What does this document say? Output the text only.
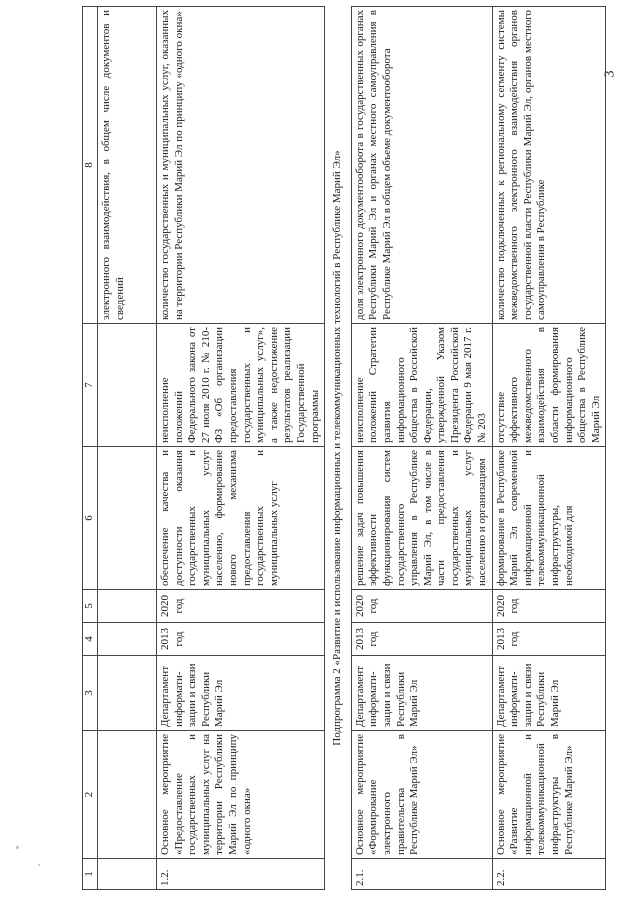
3
1	2	3	4	5	6	7	8
							электронного взаимодействия, в общем числе документов и сведений
1.2.	Основное мероприятие «Предоставление государственных и муниципальных услуг на территории Республики Марий Эл по принципу «одного окна»	Департамент информати-зации и связи Республики Марий Эл	2013 год	2020 год	обеспечение качества и доступности оказания государственных и муниципальных услуг населению, формирование нового механизма предоставления государственных и муниципальных услуг	неисполнение положений Федерального закона от 27 июля 2010 г. № 210-ФЗ «Об организации предоставления государственных и муниципальных услуг», а также недостижение результатов реализации Государственной программы	количество государственных и муниципальных услуг, оказанных на территории Республики Марий Эл по принципу «одного окна»
Подпрограмма 2 «Развитие и использование информационных и телекоммуникационных технологий в Республике Марий Эл»							
2.1.	Основное мероприятие «Формирование электронного правительства в Республике Марий Эл»	Департамент информати-зации и связи Республики Марий Эл	2013 год	2020 год	решение задач повышения эффективности функционирования систем государственного управления в Республике Марий Эл, в том числе в части предоставления государственных и муниципальных услуг населению и организациям	неисполнение положений Стратегии развития информационного общества в Российской Федерации, утвержденной Указом Президента Российской Федерации 9 мая 2017 г. № 203	доля электронного документооборота в государственных органах Республики Марий Эл и органах местного самоуправления в Республике Марий Эл в общем объеме документооборота
2.2.	Основное мероприятие «Развитие информационной и телекоммуникационной инфраструктуры в Республике Марий Эл»	Департамент информати-зации и связи Республики Марий Эл	2013 год	2020 год	формирование в Республике Марий Эл современной информационной и телекоммуникационной инфраструктуры, необходимой для	отсутствие эффективного межведомственного взаимодействия в области формирования информационного общества в Республике Марий Эл	количество подключенных к региональному сегменту системы межведомственного электронного взаимодействия органов государственной власти Республики Марий Эл, органов местного самоуправления в Республике
